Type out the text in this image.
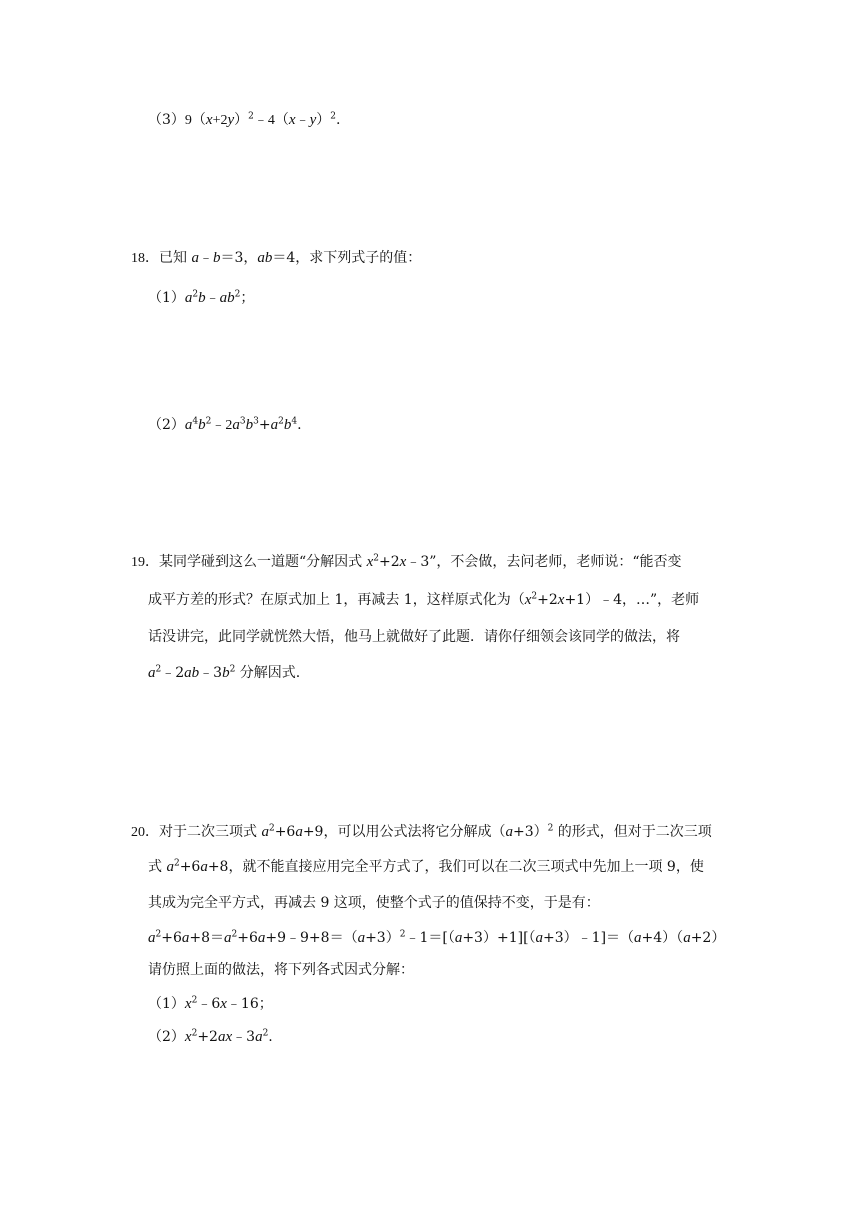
$(3)9(x+2y)^2﹣4(x﹣y)^2$.
18．已知 a﹣b＝3，ab＝4，求下列式子的值：
$(1)a^2b﹣ab^2$；
$(2)a^4b^2﹣2a^3b^3+a^2b^4$.
19．某同学碰到这么一道题“分解因式 $x^2+2x﹣3$”，不会做，去问老师，老师说：“能否变
成平方差的形式？在原式加上 1，再减去 1，这样原式化为$(x^2+2x+1)﹣4$，…”，老师
话没讲完，此同学就恍然大悟，他马上就做好了此题．请你仔细领会该同学的做法，将
$a^2﹣2ab﹣3b^2$ 分解因式.
20．对于二次三项式 $a^2+6a+9$，可以用公式法将它分解成$(a+3)^2$ 的形式，但对于二次三项
式 $a^2+6a+8$，就不能直接应用完全平方式了，我们可以在二次三项式中先加上一项 9，使
其成为完全平方式，再减去 9 这项，使整个式子的值保持不变，于是有：
$a^2+6a+8=a^2+6a+9﹣9+8=(a+3)^2﹣1=[(a+3)+1][(a+3)﹣1]=(a+4)(a+2)$
请仿照上面的做法，将下列各式因式分解：
$(1)x^2﹣6x﹣16$；
$(2)x^2+2ax﹣3a^2$.
